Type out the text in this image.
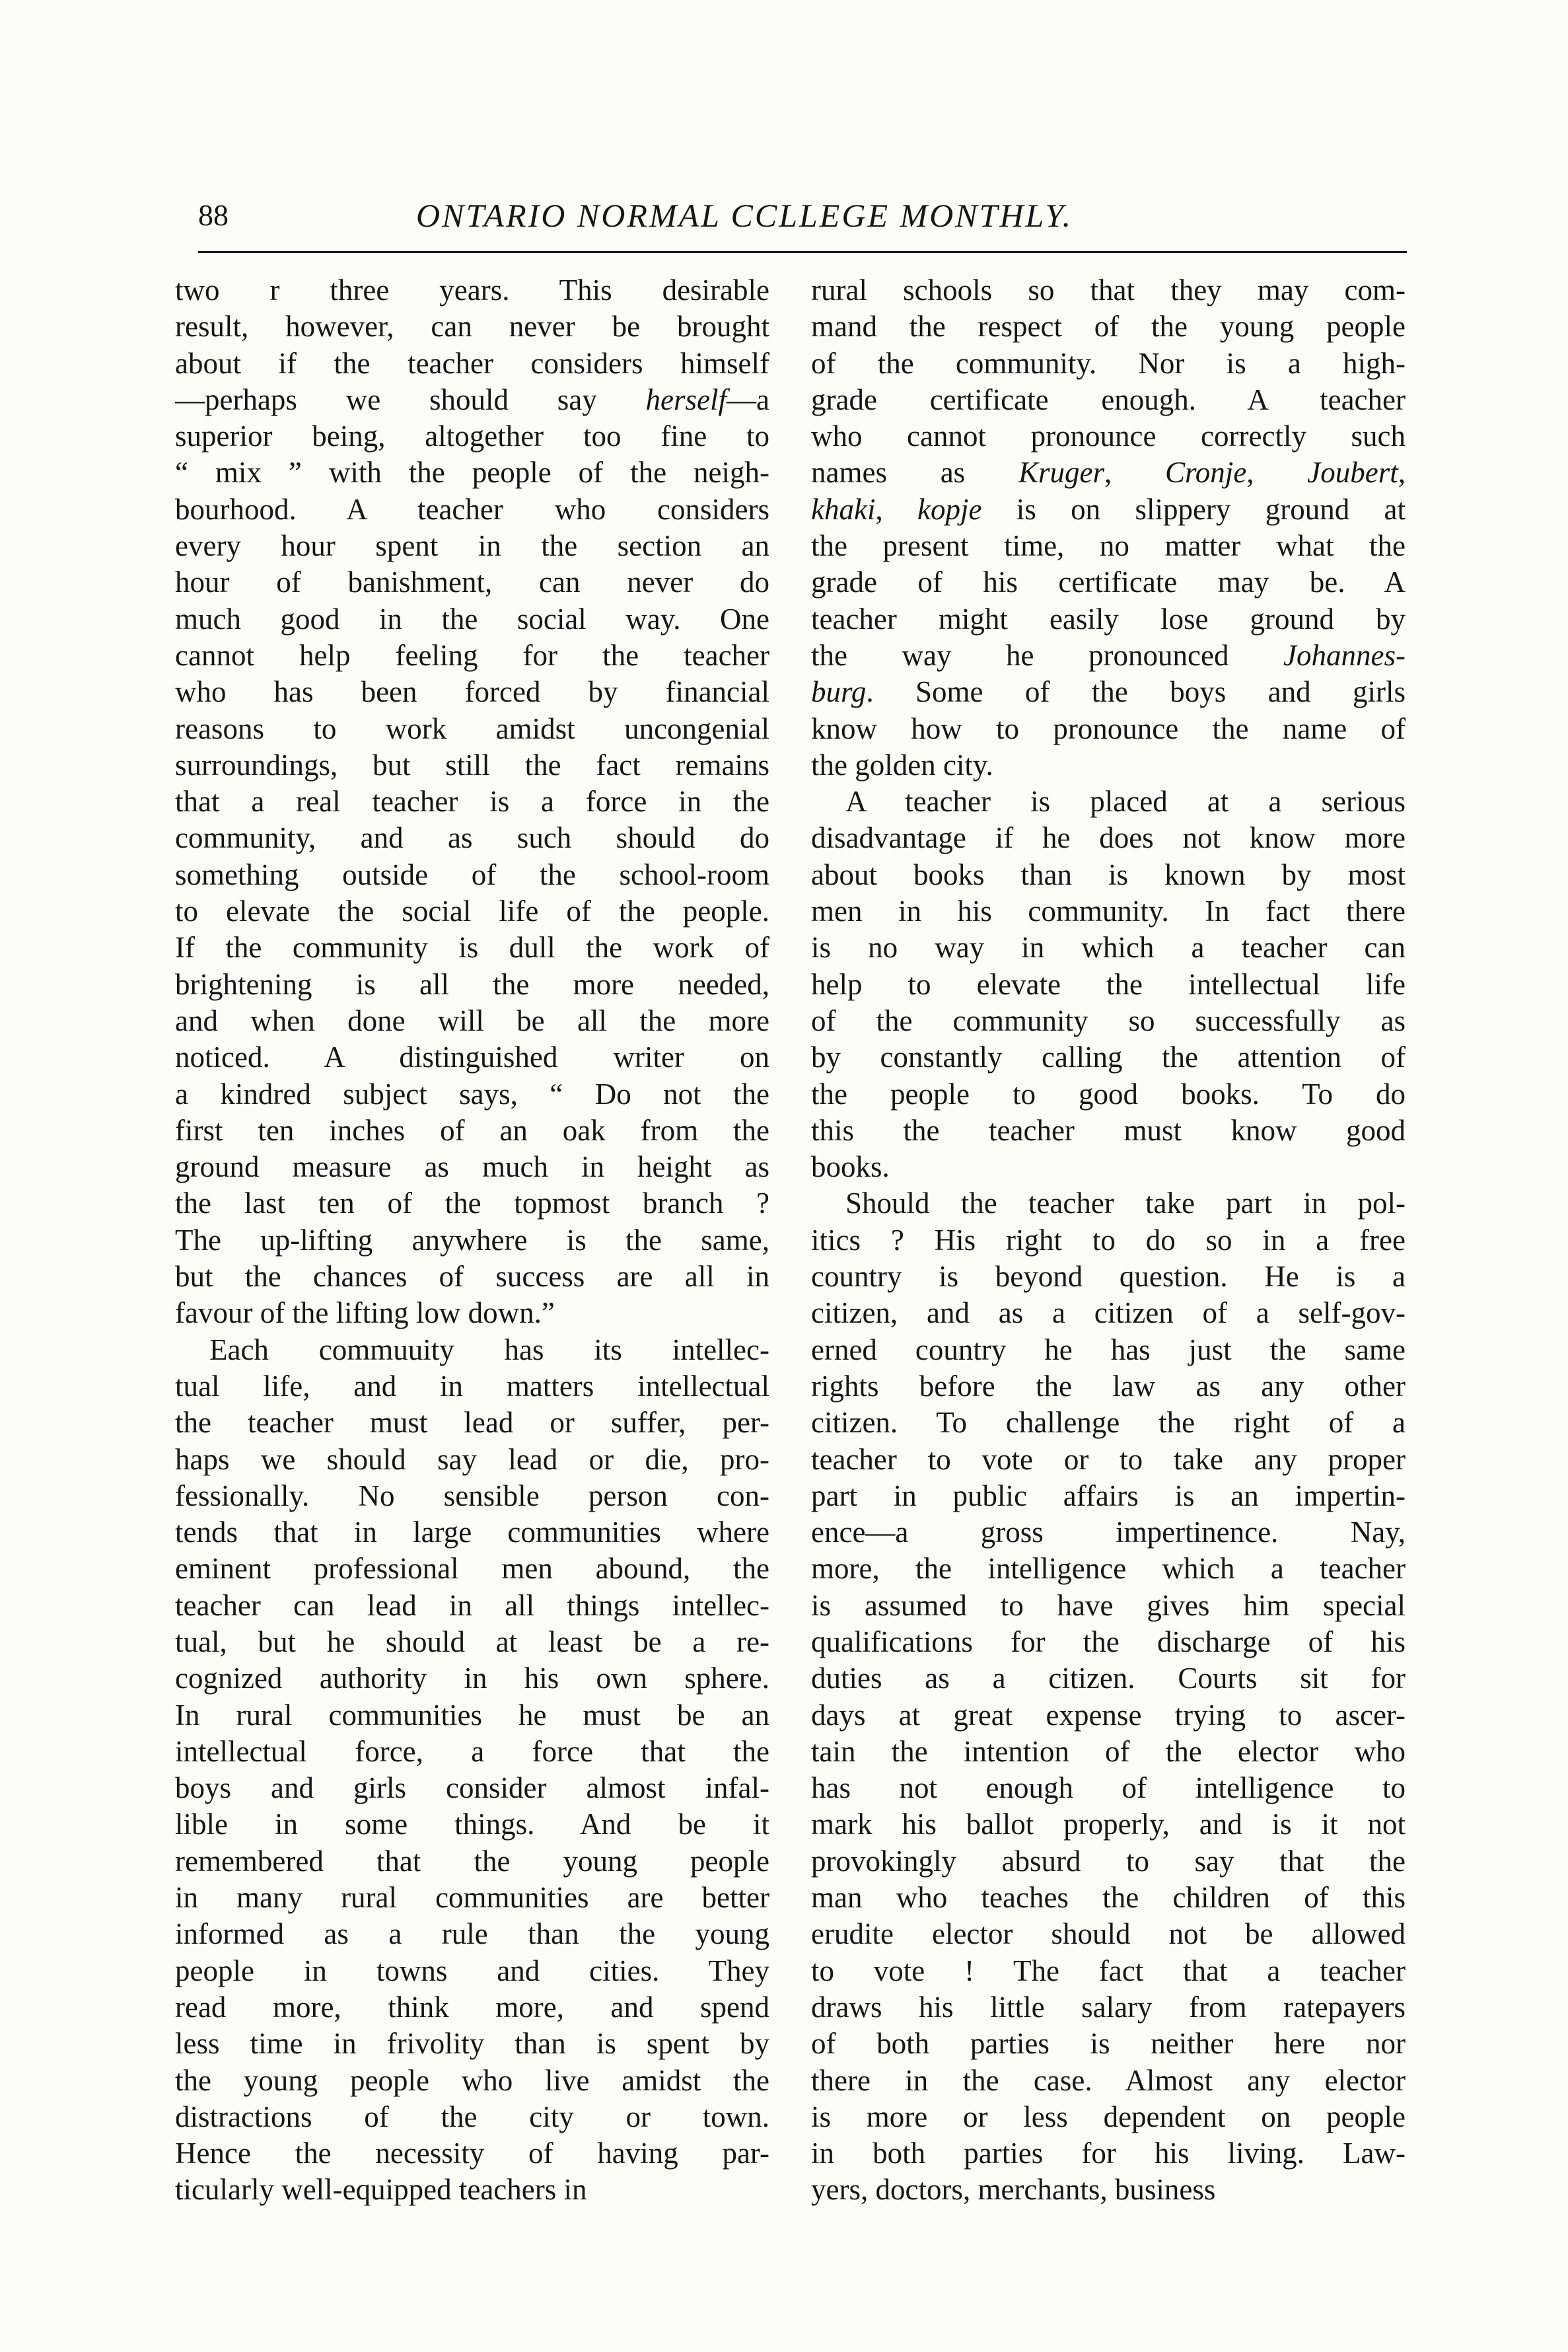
88	ONTARIO NORMAL CCLLEGE MONTHLY.
two r three years. This desirable
result, however, can never be brought
about if the teacher considers himself
—perhaps we should say herself—a
superior being, altogether too fine to
“ mix ” with the people of the neigh-
bourhood. A teacher who considers
every hour spent in the section an
hour of banishment, can never do
much good in the social way. One
cannot help feeling for the teacher
who has been forced by financial
reasons to work amidst uncongenial
surroundings, but still the fact remains
that a real teacher is a force in the
community, and as such should do
something outside of the school-room
to elevate the social life of the people.
If the community is dull the work of
brightening is all the more needed,
and when done will be all the more
noticed. A distinguished writer on
a kindred subject says, “ Do not the
first ten inches of an oak from the
ground measure as much in height as
the last ten of the topmost branch ?
The up-lifting anywhere is the same,
but the chances of success are all in
favour of the lifting low down.”
Each commuuity has its intellec-
tual life, and in matters intellectual
the teacher must lead or suffer, per-
haps we should say lead or die, pro-
fessionally. No sensible person con-
tends that in large communities where
eminent professional men abound, the
teacher can lead in all things intellec-
tual, but he should at least be a re-
cognized authority in his own sphere.
In rural communities he must be an
intellectual force, a force that the
boys and girls consider almost infal-
lible in some things. And be it
remembered that the young people
in many rural communities are better
informed as a rule than the young
people in towns and cities. They
read more, think more, and spend
less time in frivolity than is spent by
the young people who live amidst the
distractions of the city or town.
Hence the necessity of having par-
ticularly well-equipped teachers in
rural schools so that they may com-
mand the respect of the young people
of the community. Nor is a high-
grade certificate enough. A teacher
who cannot pronounce correctly such
names as Kruger, Cronje, Joubert,
khaki, kopje is on slippery ground at
the present time, no matter what the
grade of his certificate may be. A
teacher might easily lose ground by
the way he pronounced Johannes-
burg. Some of the boys and girls
know how to pronounce the name of
the golden city.
A teacher is placed at a serious
disadvantage if he does not know more
about books than is known by most
men in his community. In fact there
is no way in which a teacher can
help to elevate the intellectual life
of the community so successfully as
by constantly calling the attention of
the people to good books. To do
this the teacher must know good
books.
Should the teacher take part in pol-
itics ? His right to do so in a free
country is beyond question. He is a
citizen, and as a citizen of a self-gov-
erned country he has just the same
rights before the law as any other
citizen. To challenge the right of a
teacher to vote or to take any proper
part in public affairs is an impertin-
ence—a gross impertinence. Nay,
more, the intelligence which a teacher
is assumed to have gives him special
qualifications for the discharge of his
duties as a citizen. Courts sit for
days at great expense trying to ascer-
tain the intention of the elector who
has not enough of intelligence to
mark his ballot properly, and is it not
provokingly absurd to say that the
man who teaches the children of this
erudite elector should not be allowed
to vote ! The fact that a teacher
draws his little salary from ratepayers
of both parties is neither here nor
there in the case. Almost any elector
is more or less dependent on people
in both parties for his living. Law-
yers, doctors, merchants, business
